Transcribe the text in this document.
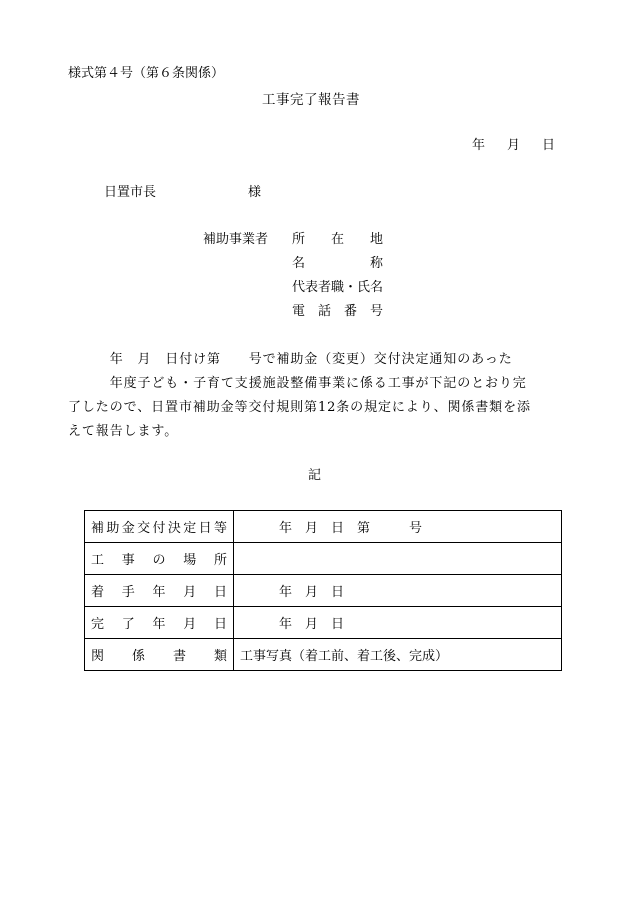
様式第４号（第６条関係）
工事完了報告書
年 月 日
日置市長	様
補助事業者 所　　在　　地
名　　　　　称
代表者職・氏名
電　話　番　号
　　　年　月　日付け第　　号で補助金（変更）交付決定通知のあった
　　　年度子ども・子育て支援施設整備事業に係る工事が下記のとおり完
了したので、日置市補助金等交付規則第12条の規定により、関係書類を添
えて報告します。
記
補助金交付決定日等	　　　年　月　日　第　　　号
工事の場所	
着手年月日	　　　年　月　日
完了年月日	　　　年　月　日
関係書類	工事写真（着工前、着工後、完成）
